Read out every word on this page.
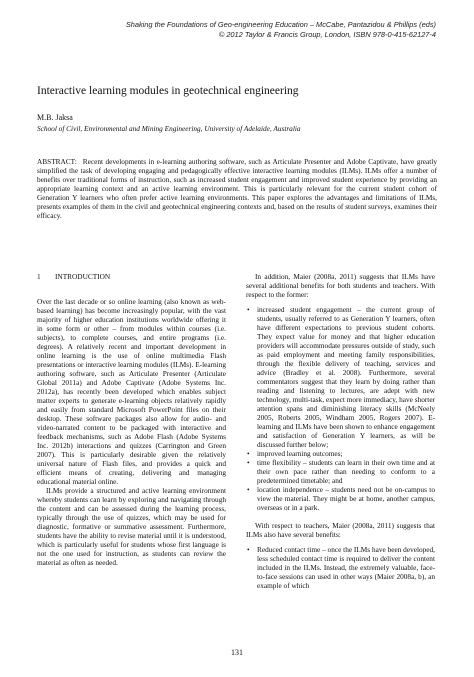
Shaking the Foundations of Geo-engineering Education – McCabe, Pantazidou & Phillips (eds)
© 2012 Taylor & Francis Group, London, ISBN 978-0-415-62127-4
Interactive learning modules in geotechnical engineering
M.B. Jaksa
School of Civil, Environmental and Mining Engineering, University of Adelaide, Australia
ABSTRACT: Recent developments in e-learning authoring software, such as Articulate Presenter and Adobe Captivate, have greatly simplified the task of developing engaging and pedagogically effective interactive learning modules (ILMs). ILMs offer a number of benefits over traditional forms of instruction, such as increased student engagement and improved student experience by providing an appropriate learning context and an active learning environment. This is particularly relevant for the current student cohort of Generation Y learners who often prefer active learning environments. This paper explores the advantages and limitations of ILMs, presents examples of them in the civil and geotechnical engineering contexts and, based on the results of student surveys, examines their efficacy.
1 INTRODUCTION

Over the last decade or so online learning (also known as web-based learning) has become increasingly popular, with the vast majority of higher education institutions worldwide offering it in some form or other – from modules within courses (i.e. subjects), to complete courses, and entire programs (i.e. degrees). A relatively recent and important development in online learning is the use of online multimedia Flash presentations or interactive learning modules (ILMs). E-learning authoring software, such as Articulate Presenter (Articulate Global 2011a) and Adobe Captivate (Adobe Systems Inc. 2012a), has recently been developed which enables subject matter experts to generate e-learning objects relatively rapidly and easily from standard Microsoft PowerPoint files on their desktop. These software packages also allow for audio- and video-narrated content to be packaged with interactive and feedback mechanisms, such as Adobe Flash (Adobe Systems Inc. 2012b) interactions and quizzes (Carrington and Green 2007). This is particularly desirable given the relatively universal nature of Flash files, and provides a quick and efficient means of creating, delivering and managing educational material online.

ILMs provide a structured and active learning environment whereby students can learn by exploring and navigating through the content and can be assessed during the learning process, typically through the use of quizzes, which may be used for diagnostic, formative or summative assessment. Furthermore, students have the ability to revise material until it is understood, which is particularly useful for students whose first language is not the one used for instruction, as students can review the material as often as needed.

In addition, Maier (2008a, 2011) suggests that ILMs have several additional benefits for both students and teachers. With respect to the former:

• increased student engagement – the current group of students, usually referred to as Generation Y learners, often have different expectations to previous student cohorts. They expect value for money and that higher education providers will accommodate pressures outside of study, such as paid employment and meeting family responsibilities, through the flexible delivery of teaching, services and advice (Bradley et al. 2008). Furthermore, several commentators suggest that they learn by doing rather than reading and listening to lectures, are adept with new technology, multi-task, expect more immediacy, have shorter attention spans and diminishing literacy skills (McNeely 2005, Roberts 2005, Windham 2005, Rogers 2007). E-learning and ILMs have been shown to enhance engagement and satisfaction of Generation Y learners, as will be discussed further below;
• improved learning outcomes;
• time flexibility – students can learn in their own time and at their own pace rather than needing to conform to a predetermined timetable; and
• location independence – students need not be on-campus to view the material. They might be at home, another campus, overseas or in a park.

With respect to teachers, Maier (2008a, 2011) suggests that ILMs also have several benefits:

• Reduced contact time – once the ILMs have been developed, less scheduled contact time is required to deliver the content included in the ILMs. Instead, the extremely valuable, face-to-face sessions can used in other ways (Maier 2008a, b), an example of which
131
